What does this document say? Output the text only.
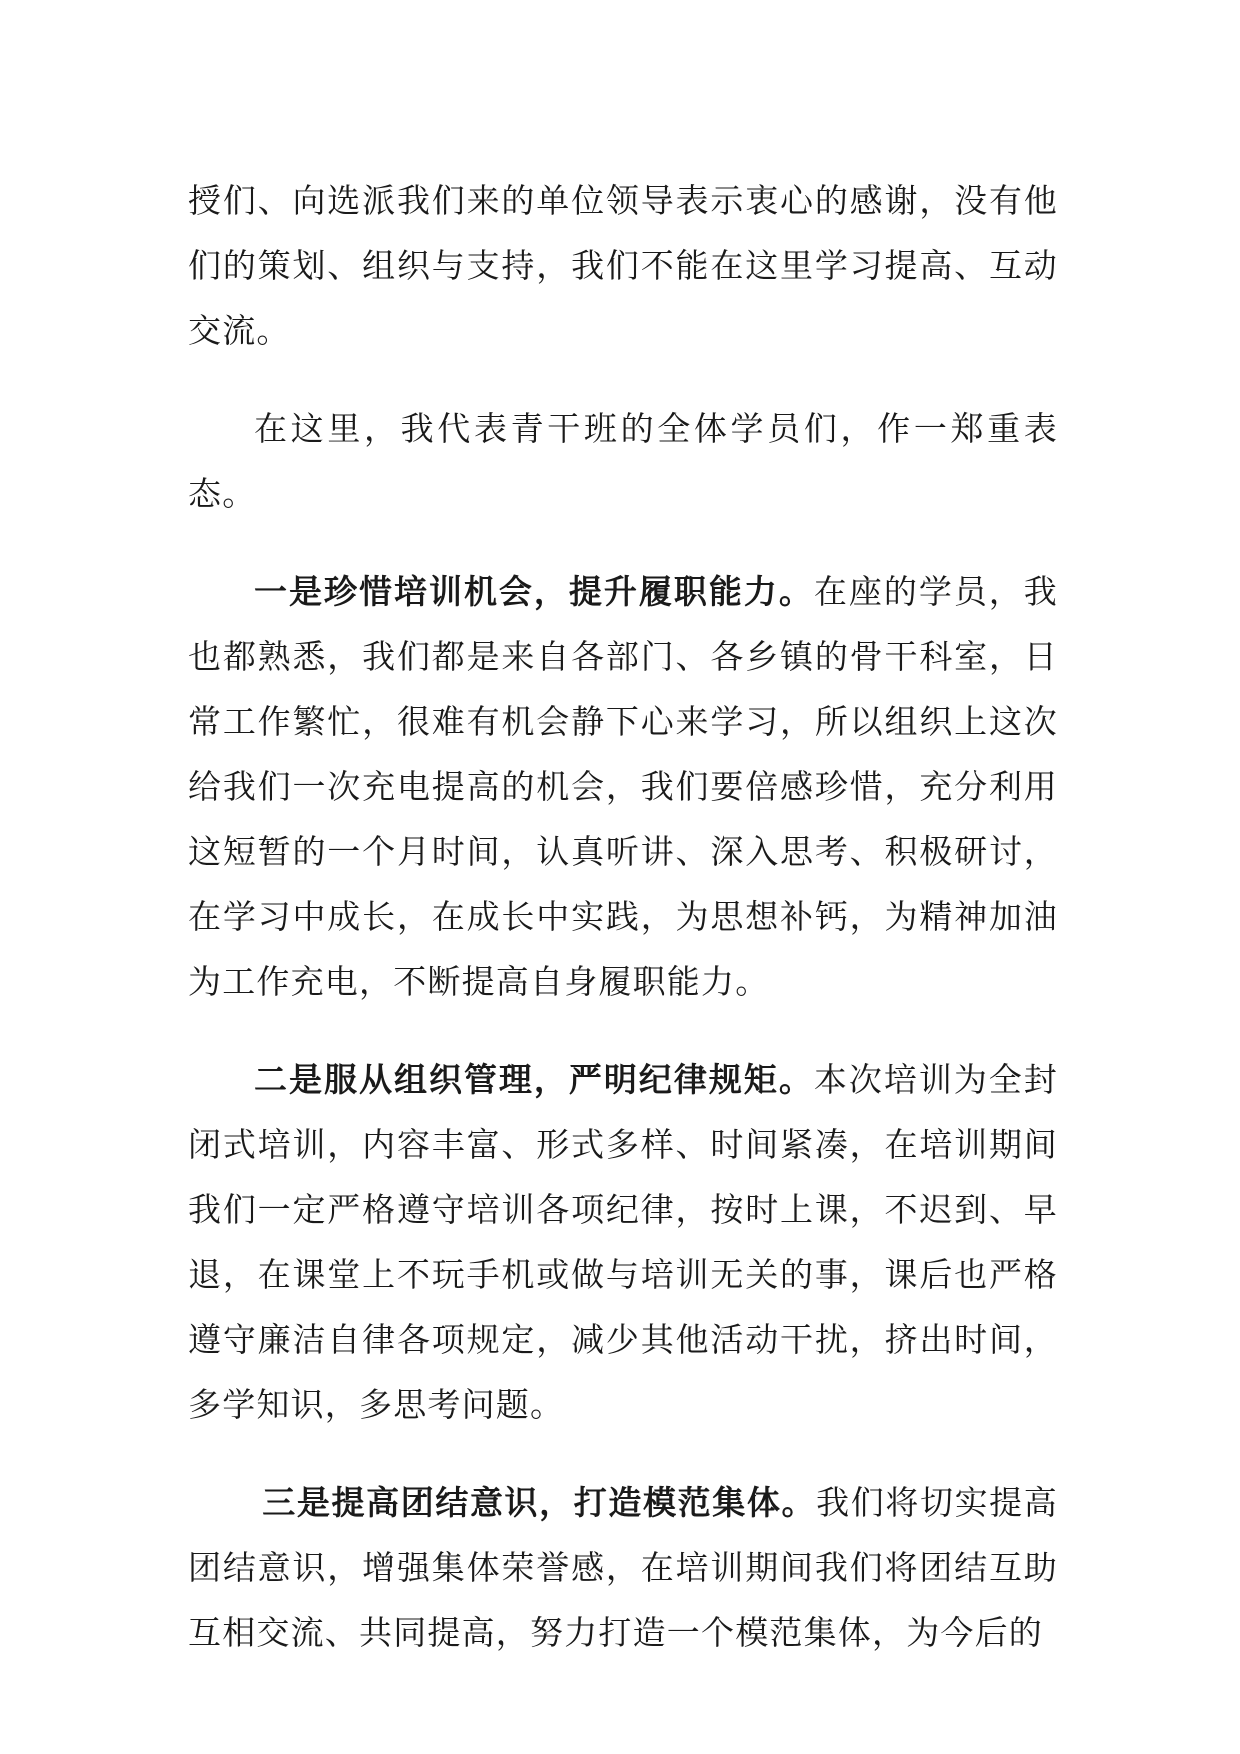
授们、向选派我们来的单位领导表示衷心的感谢，没有他们的策划、组织与支持，我们不能在这里学习提高、互动交流。

在这里，我代表青干班的全体学员们，作一郑重表态。

一是珍惜培训机会，提升履职能力。在座的学员，我也都熟悉，我们都是来自各部门、各乡镇的骨干科室，日常工作繁忙，很难有机会静下心来学习，所以组织上这次给我们一次充电提高的机会，我们要倍感珍惜，充分利用这短暂的一个月时间，认真听讲、深入思考、积极研讨，在学习中成长，在成长中实践，为思想补钙，为精神加油为工作充电，不断提高自身履职能力。

二是服从组织管理，严明纪律规矩。本次培训为全封闭式培训，内容丰富、形式多样、时间紧凑，在培训期间我们一定严格遵守培训各项纪律，按时上课，不迟到、早退，在课堂上不玩手机或做与培训无关的事，课后也严格遵守廉洁自律各项规定，减少其他活动干扰，挤出时间，多学知识，多思考问题。

三是提高团结意识，打造模范集体。我们将切实提高团结意识，增强集体荣誉感，在培训期间我们将团结互助互相交流、共同提高，努力打造一个模范集体，为今后的
